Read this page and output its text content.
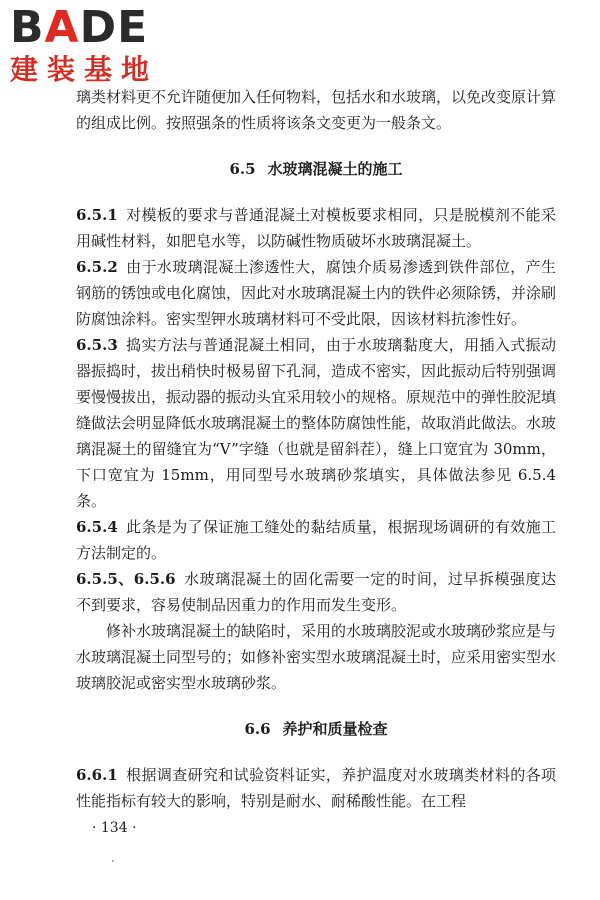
BADE
建装基地

璃类材料更不允许随便加入任何物料，包括水和水玻璃，以免改变原计算的组成比例。按照强条的性质将该条文变更为一般条文。

6.5 水玻璃混凝土的施工

6.5.1 对模板的要求与普通混凝土对模板要求相同，只是脱模剂不能采用碱性材料，如肥皂水等，以防碱性物质破坏水玻璃混凝土。

6.5.2 由于水玻璃混凝土渗透性大，腐蚀介质易渗透到铁件部位，产生钢筋的锈蚀或电化腐蚀，因此对水玻璃混凝土内的铁件必须除锈，并涂刷防腐蚀涂料。密实型钾水玻璃材料可不受此限，因该材料抗渗性好。

6.5.3 捣实方法与普通混凝土相同，由于水玻璃黏度大，用插入式振动器振捣时，拔出稍快时极易留下孔洞，造成不密实，因此振动后特别强调要慢慢拔出，振动器的振动头宜采用较小的规格。原规范中的弹性胶泥填缝做法会明显降低水玻璃混凝土的整体防腐蚀性能，故取消此做法。水玻璃混凝土的留缝宜为“V”字缝（也就是留斜茬），缝上口宽宜为 30mm，下口宽宜为 15mm，用同型号水玻璃砂浆填实，具体做法参见 6.5.4 条。

6.5.4 此条是为了保证施工缝处的黏结质量，根据现场调研的有效施工方法制定的。

6.5.5、6.5.6 水玻璃混凝土的固化需要一定的时间，过早拆模强度达不到要求，容易使制品因重力的作用而发生变形。

修补水玻璃混凝土的缺陷时，采用的水玻璃胶泥或水玻璃砂浆应是与水玻璃混凝土同型号的；如修补密实型水玻璃混凝土时，应采用密实型水玻璃胶泥或密实型水玻璃砂浆。

6.6 养护和质量检查

6.6.1 根据调查研究和试验资料证实，养护温度对水玻璃类材料的各项性能指标有较大的影响，特别是耐水、耐稀酸性能。在工程

· 134 ·
